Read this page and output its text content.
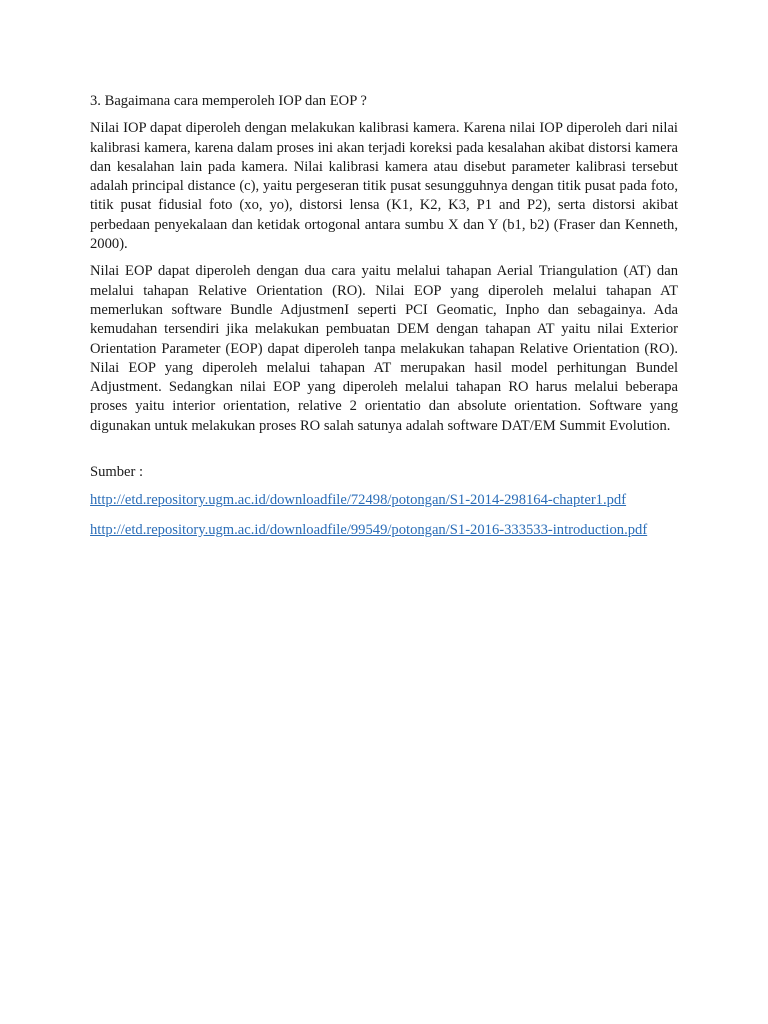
3. Bagaimana cara memperoleh IOP dan EOP ?

Nilai IOP dapat diperoleh dengan melakukan kalibrasi kamera. Karena nilai IOP diperoleh dari nilai kalibrasi kamera, karena dalam proses ini akan terjadi koreksi pada kesalahan akibat distorsi kamera dan kesalahan lain pada kamera. Nilai kalibrasi kamera atau disebut parameter kalibrasi tersebut adalah principal distance (c), yaitu pergeseran titik pusat sesungguhnya dengan titik pusat pada foto, titik pusat fidusial foto (xo, yo), distorsi lensa (K1, K2, K3, P1 and P2), serta distorsi akibat perbedaan penyekalaan dan ketidak ortogonal antara sumbu X dan Y (b1, b2) (Fraser dan Kenneth, 2000).

Nilai EOP dapat diperoleh dengan dua cara yaitu melalui tahapan Aerial Triangulation (AT) dan melalui tahapan Relative Orientation (RO). Nilai EOP yang diperoleh melalui tahapan AT memerlukan software Bundle AdjustmenI seperti PCI Geomatic, Inpho dan sebagainya. Ada kemudahan tersendiri jika melakukan pembuatan DEM dengan tahapan AT yaitu nilai Exterior Orientation Parameter (EOP) dapat diperoleh tanpa melakukan tahapan Relative Orientation (RO). Nilai EOP yang diperoleh melalui tahapan AT merupakan hasil model perhitungan Bundel Adjustment. Sedangkan nilai EOP yang diperoleh melalui tahapan RO harus melalui beberapa proses yaitu interior orientation, relative 2 orientatio dan absolute orientation. Software yang digunakan untuk melakukan proses RO salah satunya adalah software DAT/EM Summit Evolution.

Sumber :

http://etd.repository.ugm.ac.id/downloadfile/72498/potongan/S1-2014-298164-chapter1.pdf
http://etd.repository.ugm.ac.id/downloadfile/99549/potongan/S1-2016-333533-introduction.pdf
